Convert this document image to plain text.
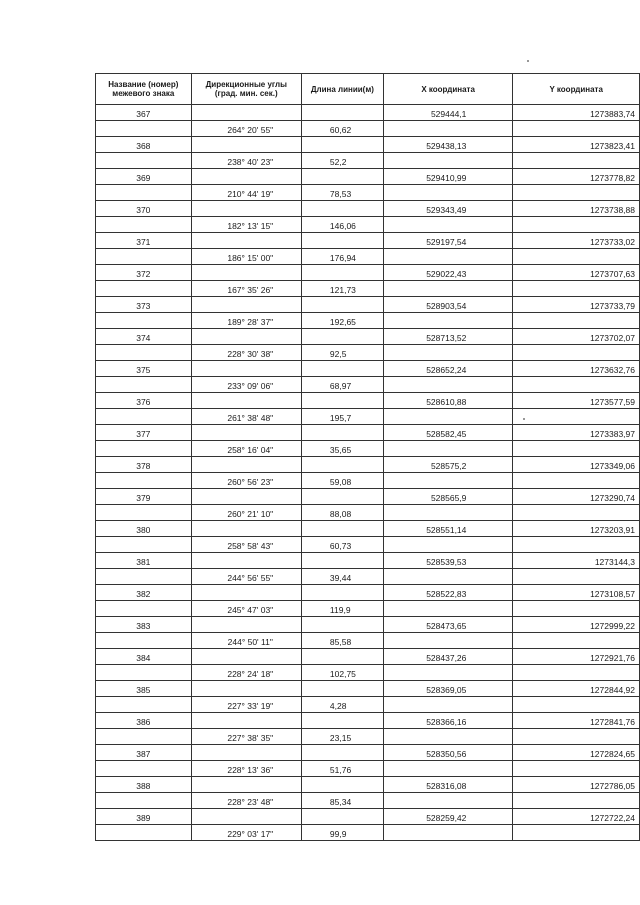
Название (номер) межевого знака	Дирекционные углы (град. мин. сек.)	Длина линии(м)	X координата	Y координата
367			529444,1	1273883,74
	264° 20' 55"	60,62		
368			529438,13	1273823,41
	238° 40' 23"	52,2		
369			529410,99	1273778,82
	210° 44' 19"	78,53		
370			529343,49	1273738,88
	182° 13' 15"	146,06		
371			529197,54	1273733,02
	186° 15' 00"	176,94		
372			529022,43	1273707,63
	167° 35' 26"	121,73		
373			528903,54	1273733,79
	189° 28' 37"	192,65		
374			528713,52	1273702,07
	228° 30' 38"	92,5		
375			528652,24	1273632,76
	233° 09' 06"	68,97		
376			528610,88	1273577,59
	261° 38' 48"	195,7		
377			528582,45	1273383,97
	258° 16' 04"	35,65		
378			528575,2	1273349,06
	260° 56' 23"	59,08		
379			528565,9	1273290,74
	260° 21' 10"	88,08		
380			528551,14	1273203,91
	258° 58' 43"	60,73		
381			528539,53	1273144,3
	244° 56' 55"	39,44		
382			528522,83	1273108,57
	245° 47' 03"	119,9		
383			528473,65	1272999,22
	244° 50' 11"	85,58		
384			528437,26	1272921,76
	228° 24' 18"	102,75		
385			528369,05	1272844,92
	227° 33' 19"	4,28		
386			528366,16	1272841,76
	227° 38' 35"	23,15		
387			528350,56	1272824,65
	228° 13' 36"	51,76		
388			528316,08	1272786,05
	228° 23' 48"	85,34		
389			528259,42	1272722,24
	229° 03' 17"	99,9		
